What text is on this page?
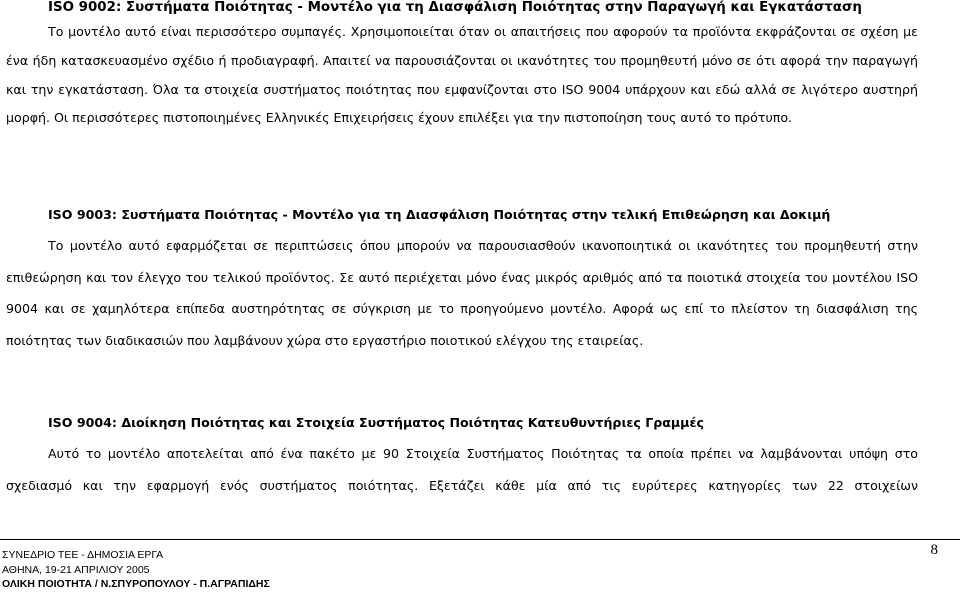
ISO 9002: Συστήματα Ποιότητας - Μοντέλο για τη Διασφάλιση Ποιότητας στην Παραγωγή και Εγκατάσταση
Το μοντέλο αυτό είναι περισσότερο συμπαγές. Χρησιμοποιείται όταν οι απαιτήσεις που αφορούν τα προϊόντα εκφράζονται σε σχέση με ένα ήδη κατασκευασμένο σχέδιο ή προδιαγραφή. Απαιτεί να παρουσιάζονται οι ικανότητες του προμηθευτή μόνο σε ότι αφορά την παραγωγή και την εγκατάσταση. Όλα τα στοιχεία συστήματος ποιότητας που εμφανίζονται στο ISO 9004 υπάρχουν και εδώ αλλά σε λιγότερο αυστηρή μορφή. Οι περισσότερες πιστοποιημένες Ελληνικές Επιχειρήσεις έχουν επιλέξει για την πιστοποίηση τους αυτό το πρότυπο.
ISO 9003: Συστήματα Ποιότητας - Μοντέλο για τη Διασφάλιση Ποιότητας στην τελική Επιθεώρηση και Δοκιμή
Το μοντέλο αυτό εφαρμόζεται σε περιπτώσεις όπου μπορούν να παρουσιασθούν ικανοποιητικά οι ικανότητες του προμηθευτή στην επιθεώρηση και τον έλεγχο του τελικού προϊόντος. Σε αυτό περιέχεται μόνο ένας μικρός αριθμός από τα ποιοτικά στοιχεία του μοντέλου ISO 9004 και σε χαμηλότερα επίπεδα αυστηρότητας σε σύγκριση με το προηγούμενο μοντέλο. Αφορά ως επί το πλείστον τη διασφάλιση της ποιότητας των διαδικασιών που λαμβάνουν χώρα στο εργαστήριο ποιοτικού ελέγχου της εταιρείας.
ISO 9004: Διοίκηση Ποιότητας και Στοιχεία Συστήματος Ποιότητας Κατευθυντήριες Γραμμές
Αυτό το μοντέλο αποτελείται από ένα πακέτο με 90 Στοιχεία Συστήματος Ποιότητας τα οποία πρέπει να λαμβάνονται υπόψη στο σχεδιασμό και την εφαρμογή ενός συστήματος ποιότητας. Εξετάζει κάθε μία από τις ευρύτερες κατηγορίες των 22 στοιχείων
ΣΥΝΕΔΡΙΟ ΤΕΕ - ΔΗΜΟΣΙΑ ΕΡΓΑ
ΑΘΗΝΑ, 19-21 ΑΠΡΙΛΙΟΥ 2005
ΟΛΙΚΗ ΠΟΙΟΤΗΤΑ / Ν.ΣΠΥΡΟΠΟΥΛΟΥ - Π.ΑΓΡΑΠΙΔΗΣ
8
